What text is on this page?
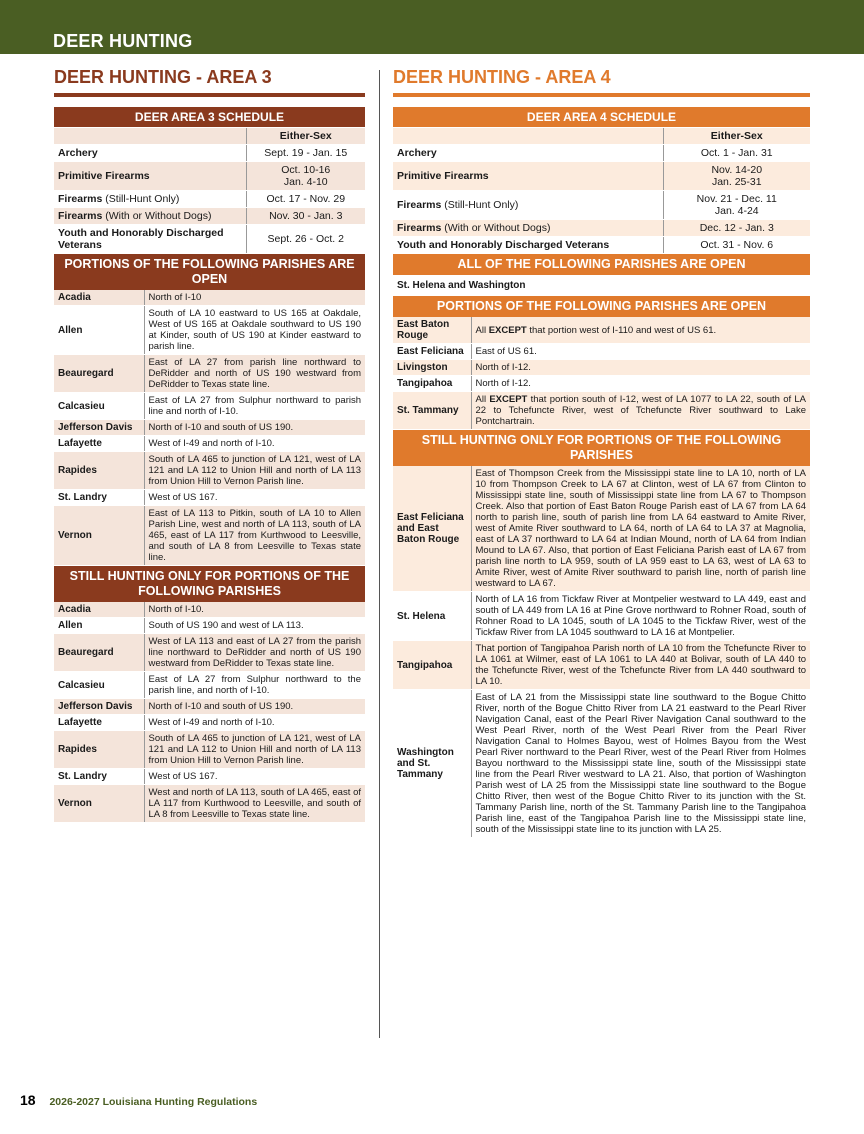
DEER HUNTING
DEER HUNTING - AREA 3
DEER AREA 3 SCHEDULE	
	Either-Sex
Archery	Sept. 19 - Jan. 15
Primitive Firearms	Oct. 10-16
Jan. 4-10
Firearms (Still-Hunt Only)	Oct. 17 - Nov. 29
Firearms (With or Without Dogs)	Nov. 30 - Jan. 3
Youth and Honorably Discharged Veterans	Sept. 26 - Oct. 2
PORTIONS OF THE FOLLOWING PARISHES ARE OPEN
Acadia	North of I-10
Allen	South of LA 10 eastward to US 165 at Oakdale, West of US 165 at Oakdale southward to US 190 at Kinder, south of US 190 at Kinder eastward to parish line.
Beauregard	East of LA 27 from parish line northward to DeRidder and north of US 190 westward from DeRidder to Texas state line.
Calcasieu	East of LA 27 from Sulphur northward to parish line and north of I-10.
Jefferson Davis	North of I-10 and south of US 190.
Lafayette	West of I-49 and north of I-10.
Rapides	South of LA 465 to junction of LA 121, west of LA 121 and LA 112 to Union Hill and north of LA 113 from Union Hill to Vernon Parish line.
St. Landry	West of US 167.
Vernon	East of LA 113 to Pitkin, south of LA 10 to Allen Parish Line, west and north of LA 113, south of LA 465, east of LA 117 from Kurthwood to Leesville, and south of LA 8 from Leesville to Texas state line.
STILL HUNTING ONLY FOR PORTIONS OF THE FOLLOWING PARISHES
Acadia	North of I-10.
Allen	South of US 190 and west of LA 113.
Beauregard	West of LA 113 and east of LA 27 from the parish line northward to DeRidder and north of US 190 westward from DeRidder to Texas state line.
Calcasieu	East of LA 27 from Sulphur northward to the parish line, and north of I-10.
Jefferson Davis	North of I-10 and south of US 190.
Lafayette	West of I-49 and north of I-10.
Rapides	South of LA 465 to junction of LA 121, west of LA 121 and LA 112 to Union Hill and north of LA 113 from Union Hill to Vernon Parish line.
St. Landry	West of US 167.
Vernon	West and north of LA 113, south of LA 465, east of LA 117 from Kurthwood to Leesville, and south of LA 8 from Leesville to Texas state line.
DEER HUNTING - AREA 4
DEER AREA 4 SCHEDULE	
	Either-Sex
Archery	Oct. 1 - Jan. 31
Primitive Firearms	Nov. 14-20
Jan. 25-31
Firearms (Still-Hunt Only)	Nov. 21 - Dec. 11
Jan. 4-24
Firearms (With or Without Dogs)	Dec. 12 - Jan. 3
Youth and Honorably Discharged Veterans	Oct. 31 - Nov. 6
ALL OF THE FOLLOWING PARISHES ARE OPEN
St. Helena and Washington
PORTIONS OF THE FOLLOWING PARISHES ARE OPEN
East Baton Rouge	All EXCEPT that portion west of I-110 and west of US 61.
East Feliciana	East of US 61.
Livingston	North of I-12.
Tangipahoa	North of I-12.
St. Tammany	All EXCEPT that portion south of I-12, west of LA 1077 to LA 22, south of LA 22 to Tchefuncte River, west of Tchefuncte River southward to Lake Pontchartrain.
STILL HUNTING ONLY FOR PORTIONS OF THE FOLLOWING PARISHES
East Feliciana and East Baton Rouge	East of Thompson Creek from the Mississippi state line to LA 10, north of LA 10 from Thompson Creek to LA 67 at Clinton, west of LA 67 from Clinton to Mississippi state line, south of Mississippi state line from LA 67 to Thompson Creek. Also that portion of East Baton Rouge Parish east of LA 67 from LA 64 north to parish line, south of parish line from LA 64 eastward to Amite River, west of Amite River southward to LA 64, north of LA 64 to LA 37 at Magnolia, east of LA 37 northward to LA 64 at Indian Mound, north of LA 64 from Indian Mound to LA 67. Also, that portion of East Feliciana Parish east of LA 67 from parish line north to LA 959, south of LA 959 east to LA 63, west of LA 63 to Amite River, west of Amite River southward to parish line, north of parish line westward to LA 67.
St. Helena	North of LA 16 from Tickfaw River at Montpelier westward to LA 449, east and south of LA 449 from LA 16 at Pine Grove northward to Rohner Road, south of Rohner Road to LA 1045, south of LA 1045 to the Tickfaw River, west of the Tickfaw River from LA 1045 southward to LA 16 at Montpelier.
Tangipahoa	That portion of Tangipahoa Parish north of LA 10 from the Tchefuncte River to LA 1061 at Wilmer, east of LA 1061 to LA 440 at Bolivar, south of LA 440 to the Tchefuncte River, west of the Tchefuncte River from LA 440 southward to LA 10.
Washington and St. Tammany	East of LA 21 from the Mississippi state line southward to the Bogue Chitto River, north of the Bogue Chitto River from LA 21 eastward to the Pearl River Navigation Canal, east of the Pearl River Navigation Canal southward to the West Pearl River, north of the West Pearl River from the Pearl River Navigation Canal to Holmes Bayou, west of Holmes Bayou from the West Pearl River northward to the Pearl River, west of the Pearl River from Holmes Bayou northward to the Mississippi state line, south of the Mississippi state line from the Pearl River westward to LA 21. Also, that portion of Washington Parish west of LA 25 from the Mississippi state line southward to the Bogue Chitto River, then west of the Bogue Chitto River to its junction with the St. Tammany Parish line, north of the St. Tammany Parish line to the Tangipahoa Parish line, east of the Tangipahoa Parish line to the Mississippi state line, south of the Mississippi state line to its junction with LA 25.
18 2026-2027 Louisiana Hunting Regulations
